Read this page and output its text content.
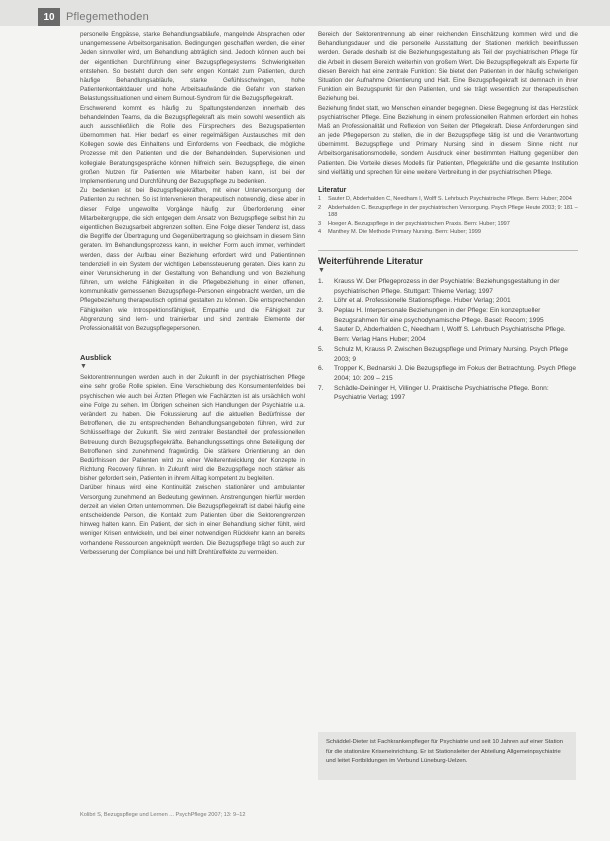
10	Pflegemethoden

personelle Engpässe, starke Behandlungsabläufe, mangelnde Absprachen oder unangemessene Arbeitsorganisation. Bedingungen geschaffen werden, die einer Jeden sinnvoller wird, um Behandlung abträglich sind. Jedoch können auch bei der eigentlichen Durchführung einer Bezugspflegesystems Schwierigkeiten entstehen. So besteht durch den sehr engen Kontakt zum Patienten, durch häufige Behandlungsabläufe, starke Gefühlsschwingen, hohe Patientenkontaktdauer und hohe Arbeitsaufwände die Gefahr von starken Belastungssituationen und einem Burnout-Syndrom für die Bezugspflegekraft.

Erschwerend kommt es häufig zu Spaltungstendenzen innerhalb des behandelnden Teams, da die Bezugspflegekraft als mein sowohl wesentlich als auch ausschließlich die Rolle des Fürsprechers des Bezugspatienten übernommen hat. Hier bedarf es einer regelmäßigen Austausches mit den Kollegen sowie des Einhaltens und Einforderns von Feedback, die mögliche Prozesse mit den Patienten und die der Behandelnden. Supervisionen und kollegiale Beratungsgespräche können hilfreich sein. Bezugspflege, die einen großen Nutzen für Patienten wie Mitarbeiter haben kann, ist bei der Implementierung und Durchführung der Bezugspflege zu bedenken.

Zu bedenken ist bei Bezugspflegekräften, mit einer Unterversorgung der Patienten zu rechnen. So ist Intervenieren therapeutisch notwendig, diese aber in dieser Folge ungewollte Vorgänge häufig zur Überforderung einer Mitarbeitergruppe, die sich entgegen dem Ansatz von Bezugspflege selbst hin zu eigentlichen Bezugsarbeit abgrenzen sollten. Eine Folge dieser Tendenz ist, dass die Begriffe der Übertragung und Gegenübertragung so gleichsam in diesem Sinn geraten. Im Behandlungsprozess kann, in welcher Form auch immer, verhindert werden, dass der Aufbau einer Beziehung erfordert wird und Patientinnen tendenziell in ein System der wichtigen Lebenssteuerung geraten. Dies kann zu einer Verunsicherung in der Gestaltung von Behandlung und von Beziehung führen, um welche Fähigkeiten in die Pflegebeziehung in einer offenen, kommunikativ gemessenen Bezugspflege-Personen eingebracht werden, um die Pflegebeziehung therapeutisch optimal gestalten zu können. Die entsprechenden Fähigkeiten wie Introspektionsfähigkeit, Empathie und die Fähigkeit zur Abgrenzung sind lern- und trainierbar und sind zentrale Elemente der Professionalität von Bezugspflegepersonen.

Ausblick

▼

Sektorentrennungen werden auch in der Zukunft in der psychiatrischen Pflege eine sehr große Rolle spielen. Eine Verschiebung des Konsumentenfeldes bei psychischen wie auch bei Ärzten Pflegen wie Fachärzten ist als ursächlich wohl eine Folge zu sehen. Im Übrigen scheinen sich Handlungen der Psychiatrie u.a. verändert zu haben. Die Fokussierung auf die aktuellen Bedürfnisse der Betroffenen, die zu entsprechenden Behandlungsangeboten führen, wird zur Schlüsselfrage der Zukunft. Sie wird zentraler Bestandteil der professionellen Betreuung durch Bezugspflegekräfte. Behandlungssettings ohne Beteiligung der Betroffenen sind zunehmend fragwürdig. Die stärkere Orientierung an den Bedürfnissen der Patienten wird zu einer Weiterentwicklung der Konzepte in Richtung Recovery führen. In Zukunft wird die Bezugspflege noch stärker als bisher gefordert sein, Patienten in ihrem Alltag kompetent zu begleiten.

Darüber hinaus wird eine Kontinuität zwischen stationärer und ambulanter Versorgung zunehmend an Bedeutung gewinnen. Anstrengungen hierfür werden derzeit an vielen Orten unternommen. Die Bezugspflegekraft ist dabei häufig eine entscheidende Person, die Kontakt zum Patienten über die Sektorengrenzen hinweg halten kann. Ein Patient, der sich in einer Behandlung sicher fühlt, wird weniger Krisen entwickeln, und bei einer notwendigen Rückkehr kann an bereits vorhandene Ressourcen angeknüpft werden. Die Bezugspflege trägt so auch zur Verbesserung der Compliance bei und hilft Drehtüreffekte zu vermeiden.

Bereich der Sektorentrennung ab einer reichenden Einschätzung kommen wird und die Behandlungsdauer und die personelle Ausstattung der Stationen merklich beeinflussen werden. Gerade deshalb ist die Beziehungsgestaltung als Teil der psychiatrischen Pflege für die Arbeit in diesem Bereich weiterhin von großem Wert. Die Bezugspflegekraft als Experte für diesen Bereich hat eine zentrale Funktion: Sie bietet den Patienten in der häufig schwierigen Situation der Aufnahme Orientierung und Halt. Eine Bezugspflegekraft ist demnach in ihrer Funktion ein Bezugspunkt für den Patienten, und sie trägt wesentlich zur therapeutischen Beziehung bei.

Beziehung findet statt, wo Menschen einander begegnen. Diese Begegnung ist das Herzstück psychiatrischer Pflege. Eine Beziehung in einem professionellen Rahmen erfordert ein hohes Maß an Professionalität und Reflexion von Seiten der Pflegekraft. Diese Anforderungen sind an jede Pflegeperson zu stellen, die in der Bezugspflege tätig ist und die Verantwortung übernimmt. Bezugspflege und Primary Nursing sind in diesem Sinne nicht nur Arbeitsorganisationsmodelle, sondern Ausdruck einer bestimmten Haltung gegenüber den Patienten. Die Vorteile dieses Modells für Patienten, Pflegekräfte und die gesamte Institution sind vielfältig und sprechen für eine weitere Verbreitung in der psychiatrischen Pflege.

Literatur

1 Sauter D, Abderhalden C, Needham I, Wolff S. Lehrbuch Psychiatrische Pflege. Bern: Huber; 2004
2 Abderhalden C. Bezugspflege in der psychiatrischen Versorgung. Psych Pflege Heute 2003; 9: 181 – 188
3 Hoeger A. Bezugspflege in der psychiatrischen Praxis. Bern: Huber; 1997
4 Manthey M. Die Methode Primary Nursing. Bern: Huber; 1999

Weiterführende Literatur

▼

1. Krauss W. Der Pflegeprozess in der Psychiatrie: Beziehungsgestaltung in der psychiatrischen Pflege. Stuttgart: Thieme Verlag; 1997
2. Löhr et al. Professionelle Stationspflege. Huber Verlag; 2001
3. Peplau H. Interpersonale Beziehungen in der Pflege: Ein konzeptueller Bezugsrahmen für eine psychodynamische Pflege. Basel: Recom; 1995
4. Sauter D, Abderhalden C, Needham I, Wolff S. Lehrbuch Psychiatrische Pflege. Bern: Verlag Hans Huber; 2004
5. Schulz M, Krauss P. Zwischen Bezugspflege und Primary Nursing. Psych Pflege 2003; 9
6. Tropper K, Bednarski J. Die Bezugspflege im Fokus der Betrachtung. Psych Pflege 2004; 10: 209 – 215
7. Schädle-Deininger H, Villinger U. Praktische Psychiatrische Pflege. Bonn: Psychiatrie Verlag; 1997
Schäddel-Dieter ist Fachkrankenpfleger für Psychiatrie und seit 10 Jahren auf einer Station für die stationäre Kriseneinrichtung. Er ist Stationsleiter der Abteilung Allgemeinpsychiatrie und leitet Fortbildungen im Verbund Lüneburg-Uelzen.
Kolibri S, Bezugspflege und Lernen ... PsychPflege 2007; 13: 9–12
